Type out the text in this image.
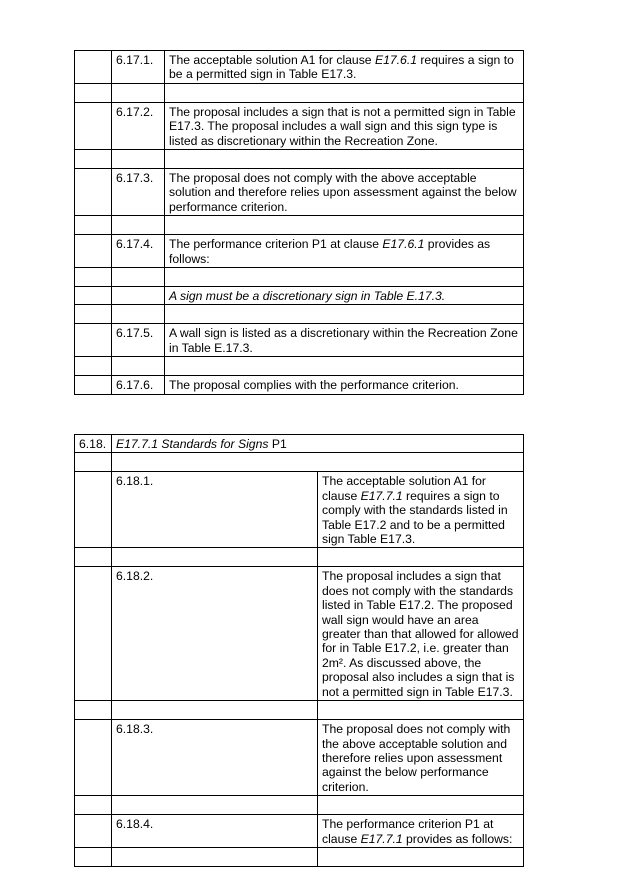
	6.17.1.	The acceptable solution A1 for clause E17.6.1 requires a sign to be a permitted sign in Table E17.3.

	6.17.2.	The proposal includes a sign that is not a permitted sign in Table E17.3. The proposal includes a wall sign and this sign type is listed as discretionary within the Recreation Zone.

	6.17.3.	The proposal does not comply with the above acceptable solution and therefore relies upon assessment against the below performance criterion.

	6.17.4.	The performance criterion P1 at clause E17.6.1 provides as follows:

		A sign must be a discretionary sign in Table E.17.3.

	6.17.5.	A wall sign is listed as a discretionary within the Recreation Zone in Table E.17.3.

	6.17.6.	The proposal complies with the performance criterion.
6.18.	E17.7.1 Standards for Signs P1	

	6.18.1.	The acceptable solution A1 for clause E17.7.1 requires a sign to comply with the standards listed in Table E17.2 and to be a permitted sign Table E17.3.

	6.18.2.	The proposal includes a sign that does not comply with the standards listed in Table E17.2. The proposed wall sign would have an area greater than that allowed for allowed for in Table E17.2, i.e. greater than 2m². As discussed above, the proposal also includes a sign that is not a permitted sign in Table E17.3.

	6.18.3.	The proposal does not comply with the above acceptable solution and therefore relies upon assessment against the below performance criterion.

	6.18.4.	The performance criterion P1 at clause E17.7.1 provides as follows:
